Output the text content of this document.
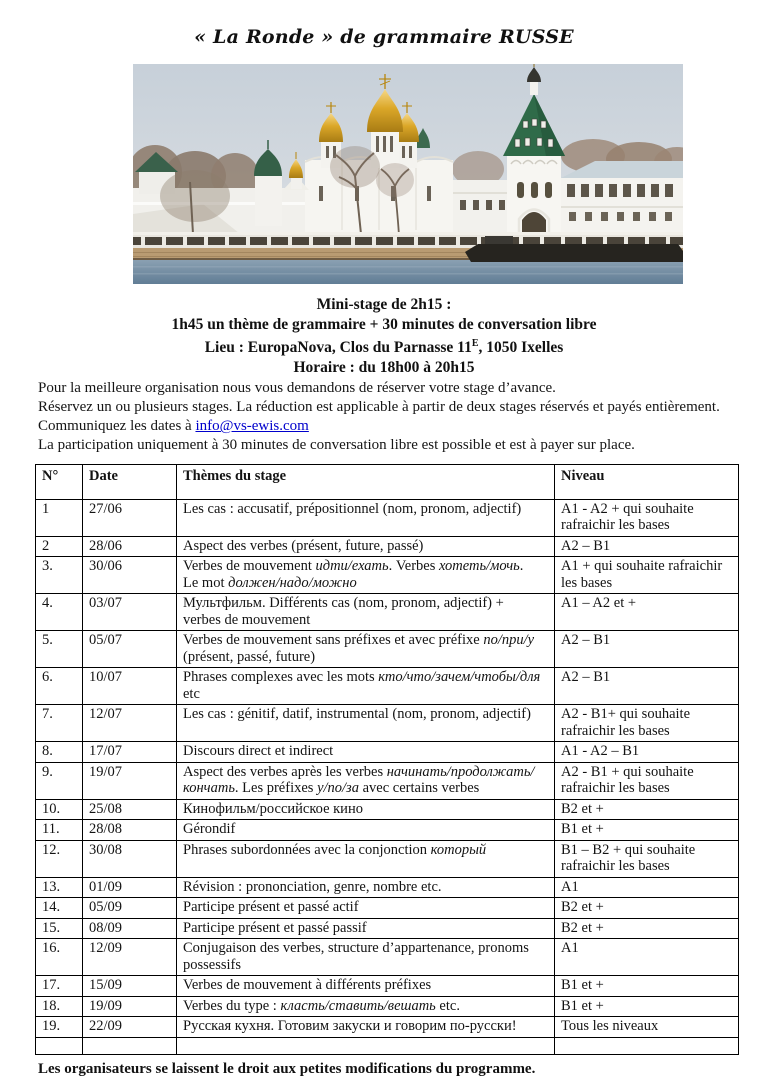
« La Ronde » de grammaire RUSSE
Mini-stage de 2h15 :
1h45 un thème de grammaire + 30 minutes de conversation libre
Lieu : EuropaNova, Clos du Parnasse $11^E$, 1050 Ixelles
Horaire : du 18h00 à 20h15

Pour la meilleure organisation nous vous demandons de réserver votre stage d’avance.

Réservez un ou plusieurs stages. La réduction est applicable à partir de deux stages réservés et payés entièrement. Communiquez les dates à info@vs-ewis.com

La participation uniquement à 30 minutes de conversation libre est possible et est à payer sur place.

N°	Date	Thèmes du stage	Niveau
1	27/06	Les cas : accusatif, prépositionnel (nom, pronom, adjectif)	A1 - A2 + qui souhaite rafraichir les bases
2	28/06	Aspect des verbes (présent, future, passé)	A2 – B1
3.	30/06	Verbes de mouvement идти/ехать. Verbes хотеть/мочь. Le mot должен/надо/можно	A1 + qui souhaite rafraichir les bases
4.	03/07	Мультфильм. Différents cas (nom, pronom, adjectif) + verbes de mouvement	A1 – A2 et +
5.	05/07	Verbes de mouvement sans préfixes et avec préfixe по/при/у (présent, passé, future)	A2 – B1
6.	10/07	Phrases complexes avec les mots кто/что/зачем/чтобы/для etc	A2 – B1
7.	12/07	Les cas : génitif, datif, instrumental (nom, pronom, adjectif)	A2 - B1+ qui souhaite rafraichir les bases
8.	17/07	Discours direct et indirect	A1 - A2 – B1
9.	19/07	Aspect des verbes après les verbes начинать/продолжать/кончать. Les préfixes у/по/за avec certains verbes	A2 - B1 + qui souhaite rafraichir les bases
10.	25/08	Кинофильм/российское кино	B2 et +
11.	28/08	Gérondif	B1 et +
12.	30/08	Phrases subordonnées avec la conjonction который	B1 – B2 + qui souhaite rafraichir les bases
13.	01/09	Révision : prononciation, genre, nombre etc.	A1
14.	05/09	Participe présent et passé actif	B2 et +
15.	08/09	Participe présent et passé passif	B2 et +
16.	12/09	Conjugaison des verbes, structure d’appartenance, pronoms possessifs	A1
17.	15/09	Verbes de mouvement à différents préfixes	B1 et +
18.	19/09	Verbes du type : класть/ставить/вешать etc.	B1 et +
19.	22/09	Русская кухня. Готовим закуски и говорим по-русски!	Tous les niveaux

Les organisateurs se laissent le droit aux petites modifications du programme.
